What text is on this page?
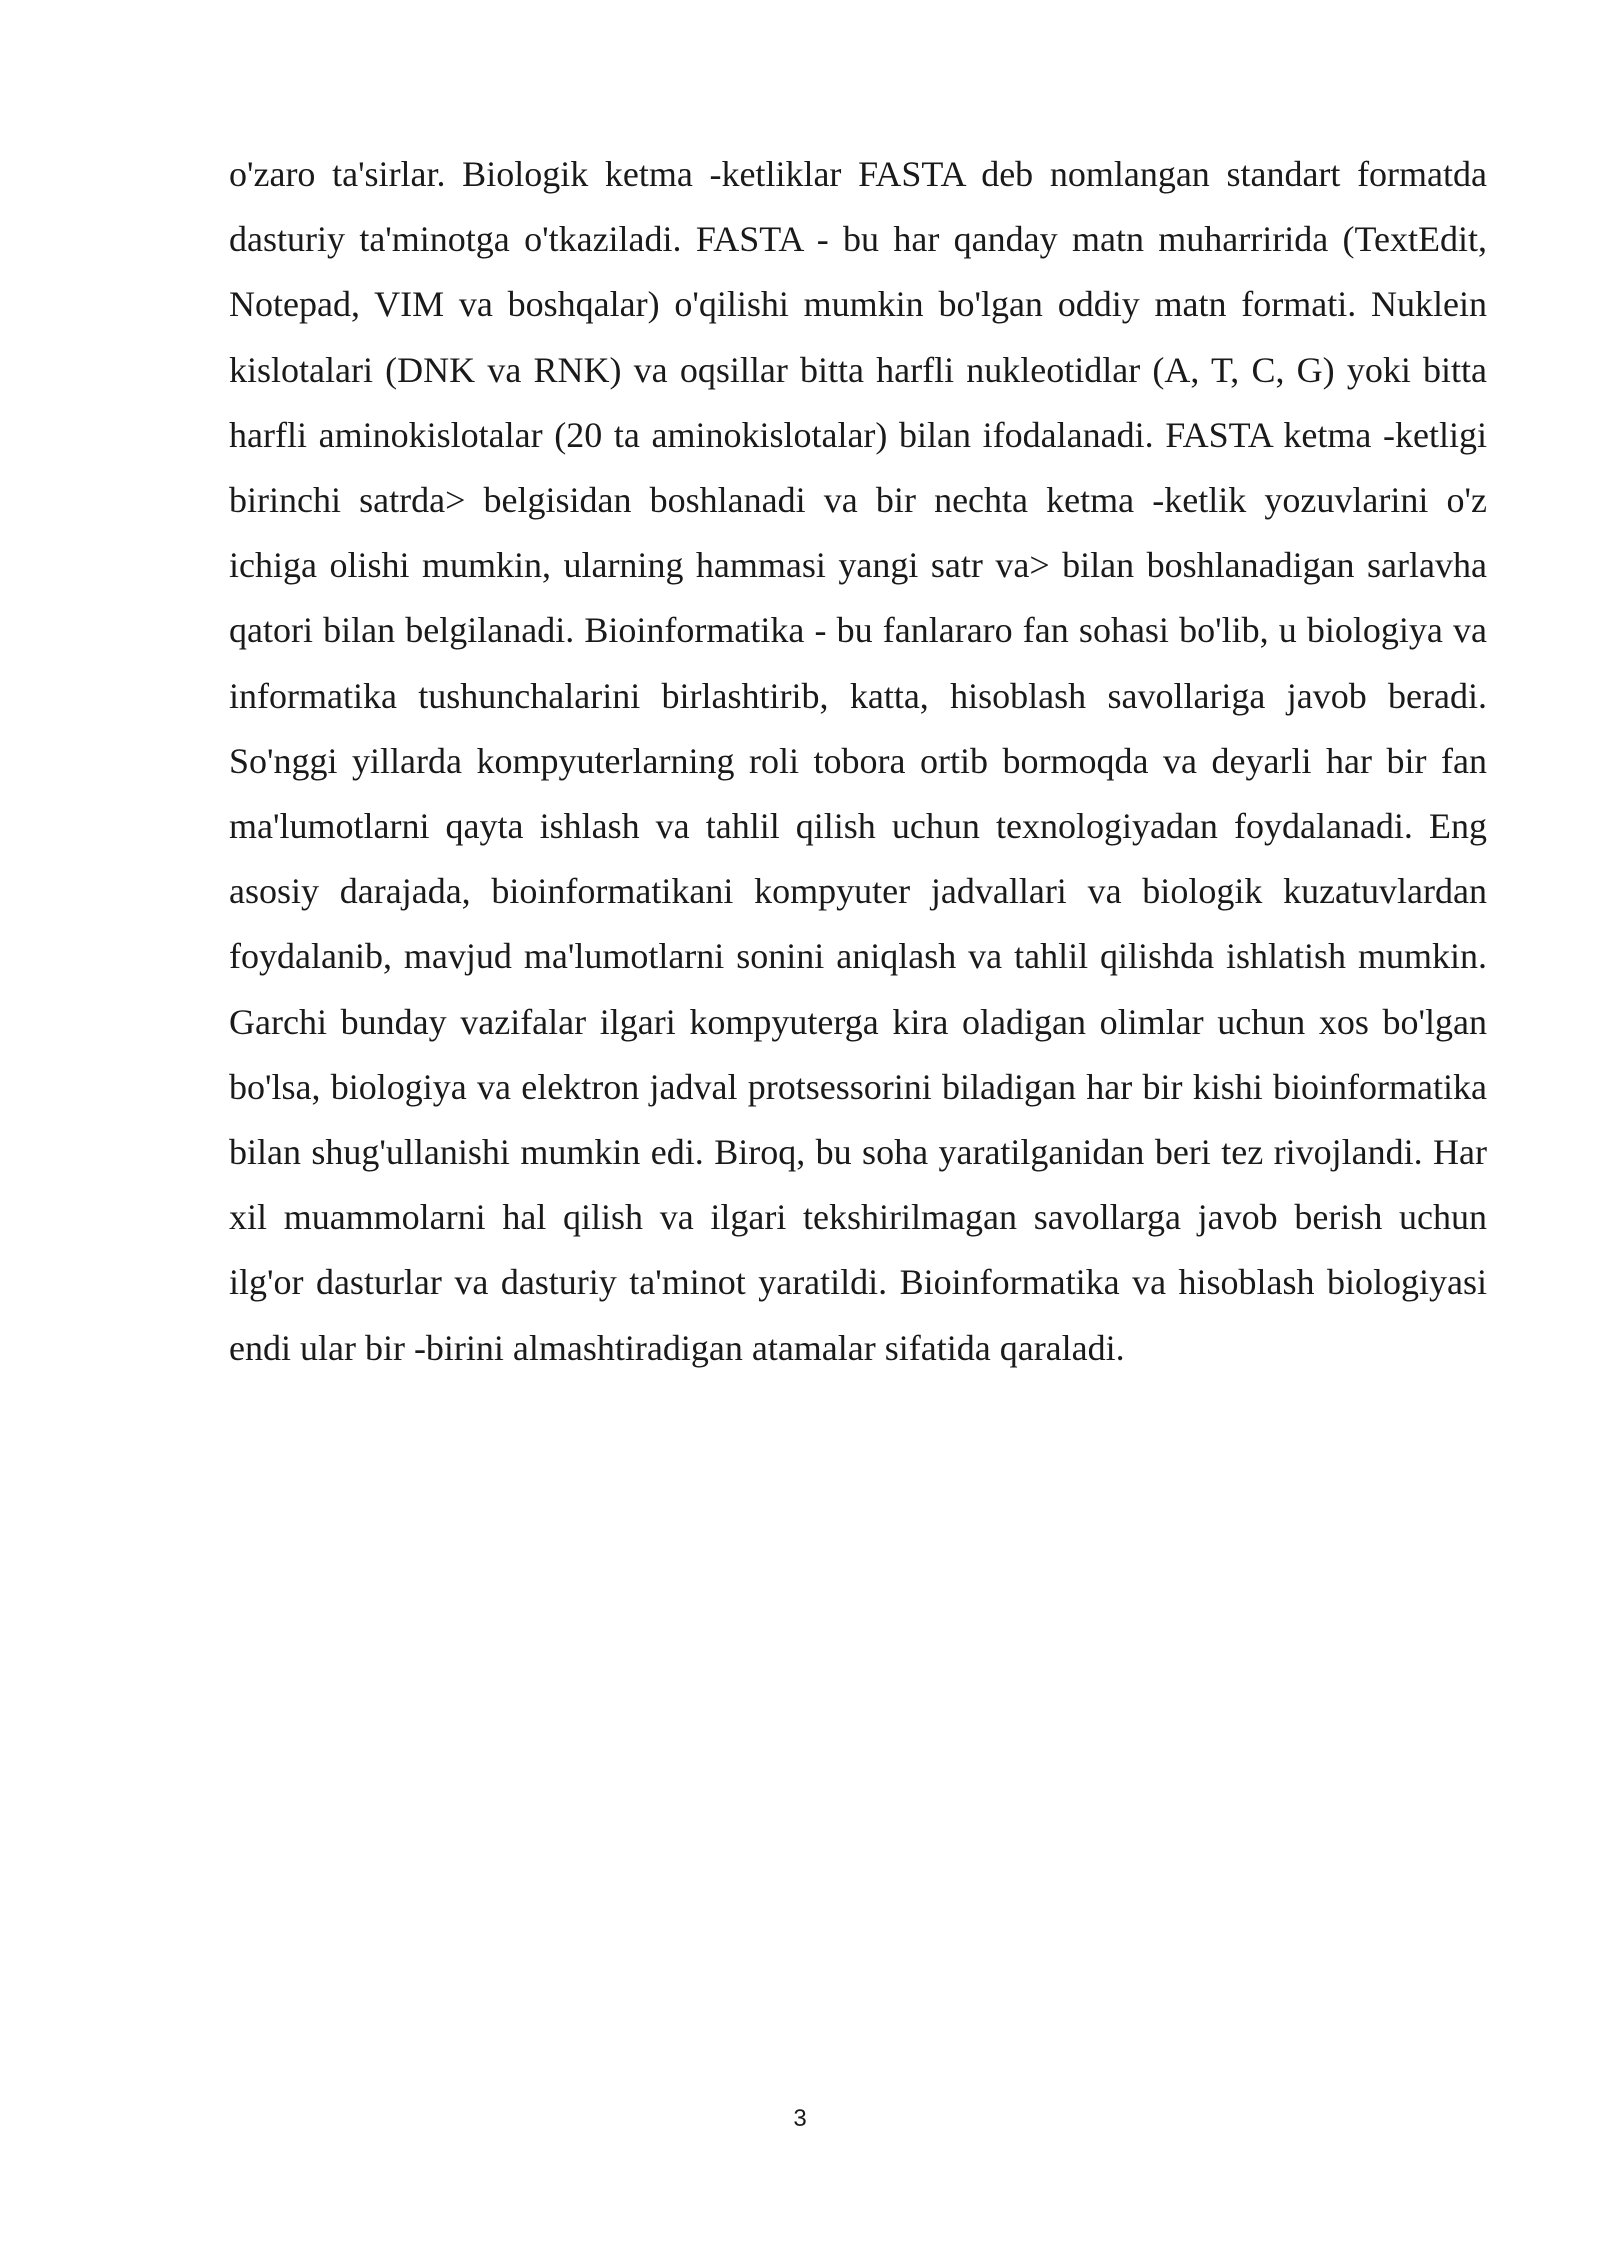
o'zaro ta'sirlar. Biologik ketma -ketliklar FASTA deb nomlangan standart formatda dasturiy ta'minotga o'tkaziladi. FASTA - bu har qanday matn muharririda (TextEdit, Notepad, VIM va boshqalar) o'qilishi mumkin bo'lgan oddiy matn formati. Nuklein kislotalari (DNK va RNK) va oqsillar bitta harfli nukleotidlar (A, T, C, G) yoki bitta harfli aminokislotalar (20 ta aminokislotalar) bilan ifodalanadi. FASTA ketma -ketligi birinchi satrda> belgisidan boshlanadi va bir nechta ketma -ketlik yozuvlarini o'z ichiga olishi mumkin, ularning hammasi yangi satr va> bilan boshlanadigan sarlavha qatori bilan belgilanadi. Bioinformatika - bu fanlararo fan sohasi bo'lib, u biologiya va informatika tushunchalarini birlashtirib, katta, hisoblash savollariga javob beradi. So'nggi yillarda kompyuterlarning roli tobora ortib bormoqda va deyarli har bir fan ma'lumotlarni qayta ishlash va tahlil qilish uchun texnologiyadan foydalanadi. Eng asosiy darajada, bioinformatikani kompyuter jadvallari va biologik kuzatuvlardan foydalanib, mavjud ma'lumotlarni sonini aniqlash va tahlil qilishda ishlatish mumkin. Garchi bunday vazifalar ilgari kompyuterga kira oladigan olimlar uchun xos bo'lgan bo'lsa, biologiya va elektron jadval protsessorini biladigan har bir kishi bioinformatika bilan shug'ullanishi mumkin edi. Biroq, bu soha yaratilganidan beri tez rivojlandi. Har xil muammolarni hal qilish va ilgari tekshirilmagan savollarga javob berish uchun ilg'or dasturlar va dasturiy ta'minot yaratildi. Bioinformatika va hisoblash biologiyasi endi ular bir -birini almashtiradigan atamalar sifatida qaraladi.

3
